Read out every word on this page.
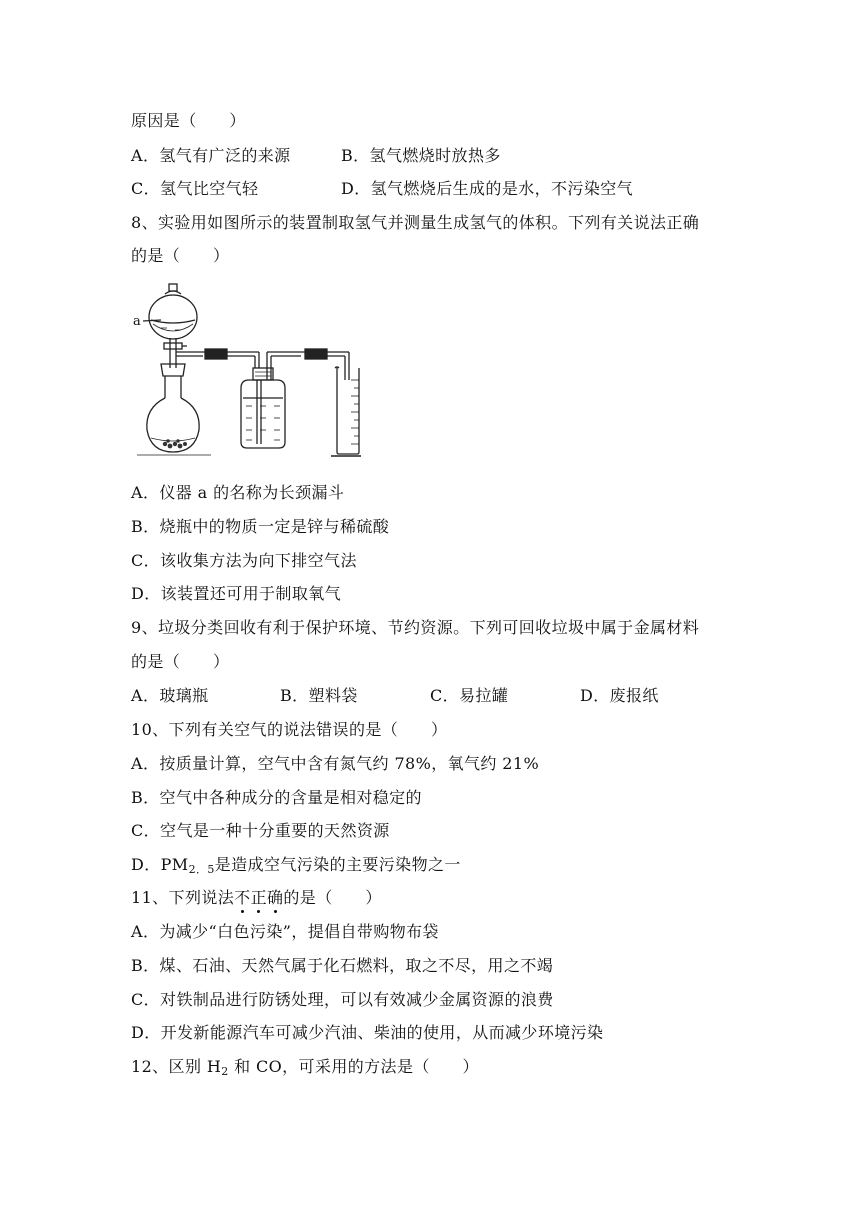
原因是（　　）
A．氢气有广泛的来源	B．氢气燃烧时放热多
C．氢气比空气轻	D．氢气燃烧后生成的是水，不污染空气
8、实验用如图所示的装置制取氢气并测量生成氢气的体积。下列有关说法正确
的是（　　）
a
A．仪器 a 的名称为长颈漏斗
B．烧瓶中的物质一定是锌与稀硫酸
C．该收集方法为向下排空气法
D．该装置还可用于制取氧气
9、垃圾分类回收有利于保护环境、节约资源。下列可回收垃圾中属于金属材料
的是（　　）
A．玻璃瓶	B．塑料袋	C．易拉罐	D．废报纸
10、下列有关空气的说法错误的是（　　）
A．按质量计算，空气中含有氮气约 78%，氧气约 21%
B．空气中各种成分的含量是相对稳定的
C．空气是一种十分重要的天然资源
D．$PM_{2.5}$是造成空气污染的主要污染物之一
11、下列说法不正确的是（　　）
A．为减少“白色污染”，提倡自带购物布袋
B．煤、石油、天然气属于化石燃料，取之不尽，用之不竭
C．对铁制品进行防锈处理，可以有效减少金属资源的浪费
D．开发新能源汽车可减少汽油、柴油的使用，从而减少环境污染
12、区别 $H_2$ 和 CO，可采用的方法是（　　）
